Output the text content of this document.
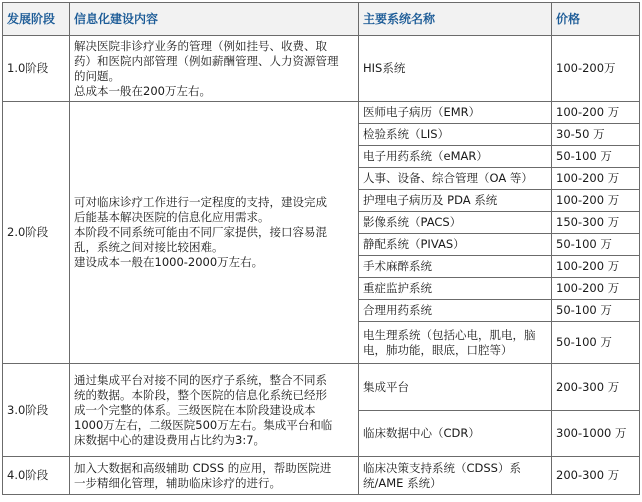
发展阶段	信息化建设内容	主要系统名称	价格
1.0阶段	解决医院非诊疗业务的管理（例如挂号、收费、取
药）和医院内部管理（例如薪酬管理、人力资源管理
的问题。
总成本一般在200万左右。	HIS系统	100-200万
2.0阶段	可对临床诊疗工作进行一定程度的支持，建设完成
后能基本解决医院的信息化应用需求。
本阶段不同系统可能由不同厂家提供，接口容易混
乱，系统之间对接比较困难。
建设成本一般在1000-2000万左右。	医师电子病历（EMR）	100-200 万
		检验系统（LIS）	30-50 万
		电子用药系统（eMAR）	50-100 万
		人事、设备、综合管理（OA 等）	100-200 万
		护理电子病历及 PDA 系统	100-200 万
		影像系统（PACS）	150-300 万
		静配系统（PIVAS）	50-100 万
		手术麻醉系统	100-200 万
		重症监护系统	100-200 万
		合理用药系统	50-100 万
		电生理系统（包括心电，肌电，脑电，肺功能，眼底，口腔等）	50-100 万
3.0阶段	通过集成平台对接不同的医疗子系统，整合不同系
统的数据。本阶段，整个医院的信息化系统已经形
成一个完整的体系。三级医院在本阶段建设成本
1000万左右，二级医院500万左右。集成平台和临
床数据中心的建设费用占比约为3:7。	集成平台	200-300 万
		临床数据中心（CDR）	300-1000 万
4.0阶段	加入大数据和高级辅助 CDSS 的应用，帮助医院进
一步精细化管理，辅助临床诊疗的进行。	临床决策支持系统（CDSS）系统/AME 系统）	200-300 万
